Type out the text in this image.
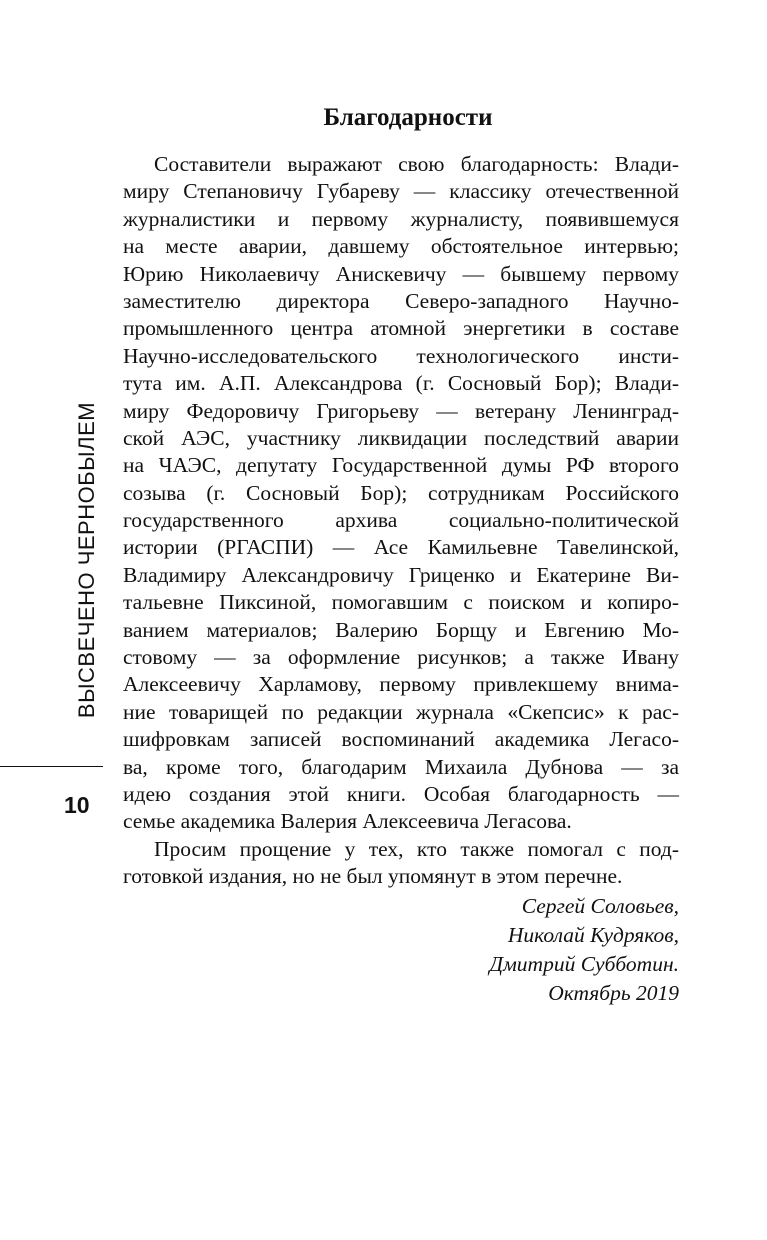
ВЫСВЕЧЕНО ЧЕРНОБЫЛЕМ
10
Благодарности
Составители выражают свою благодарность: Влади-
миру Степановичу Губареву — классику отечественной
журналистики и первому журналисту, появившемуся
на месте аварии, давшему обстоятельное интервью;
Юрию Николаевичу Анискевичу — бывшему первому
заместителю директора Северо-западного Научно-
промышленного центра атомной энергетики в составе
Научно-исследовательского технологического инсти-
тута им. А.П. Александрова (г. Сосновый Бор); Влади-
миру Федоровичу Григорьеву — ветерану Ленинград-
ской АЭС, участнику ликвидации последствий аварии
на ЧАЭС, депутату Государственной думы РФ второго
созыва (г. Сосновый Бор); сотрудникам Российского
государственного архива социально-политической
истории (РГАСПИ) — Асе Камильевне Тавелинской,
Владимиру Александровичу Гриценко и Екатерине Ви-
тальевне Пиксиной, помогавшим с поиском и копиро-
ванием материалов; Валерию Борщу и Евгению Мо-
стовому — за оформление рисунков; а также Ивану
Алексеевичу Харламову, первому привлекшему внима-
ние товарищей по редакции журнала «Скепсис» к рас-
шифровкам записей воспоминаний академика Легасо-
ва, кроме того, благодарим Михаила Дубнова — за
идею создания этой книги. Особая благодарность —
семье академика Валерия Алексеевича Легасова.
Просим прощение у тех, кто также помогал с под-
готовкой издания, но не был упомянут в этом перечне.
Сергей Соловьев,
Николай Кудряков,
Дмитрий Субботин.
Октябрь 2019
